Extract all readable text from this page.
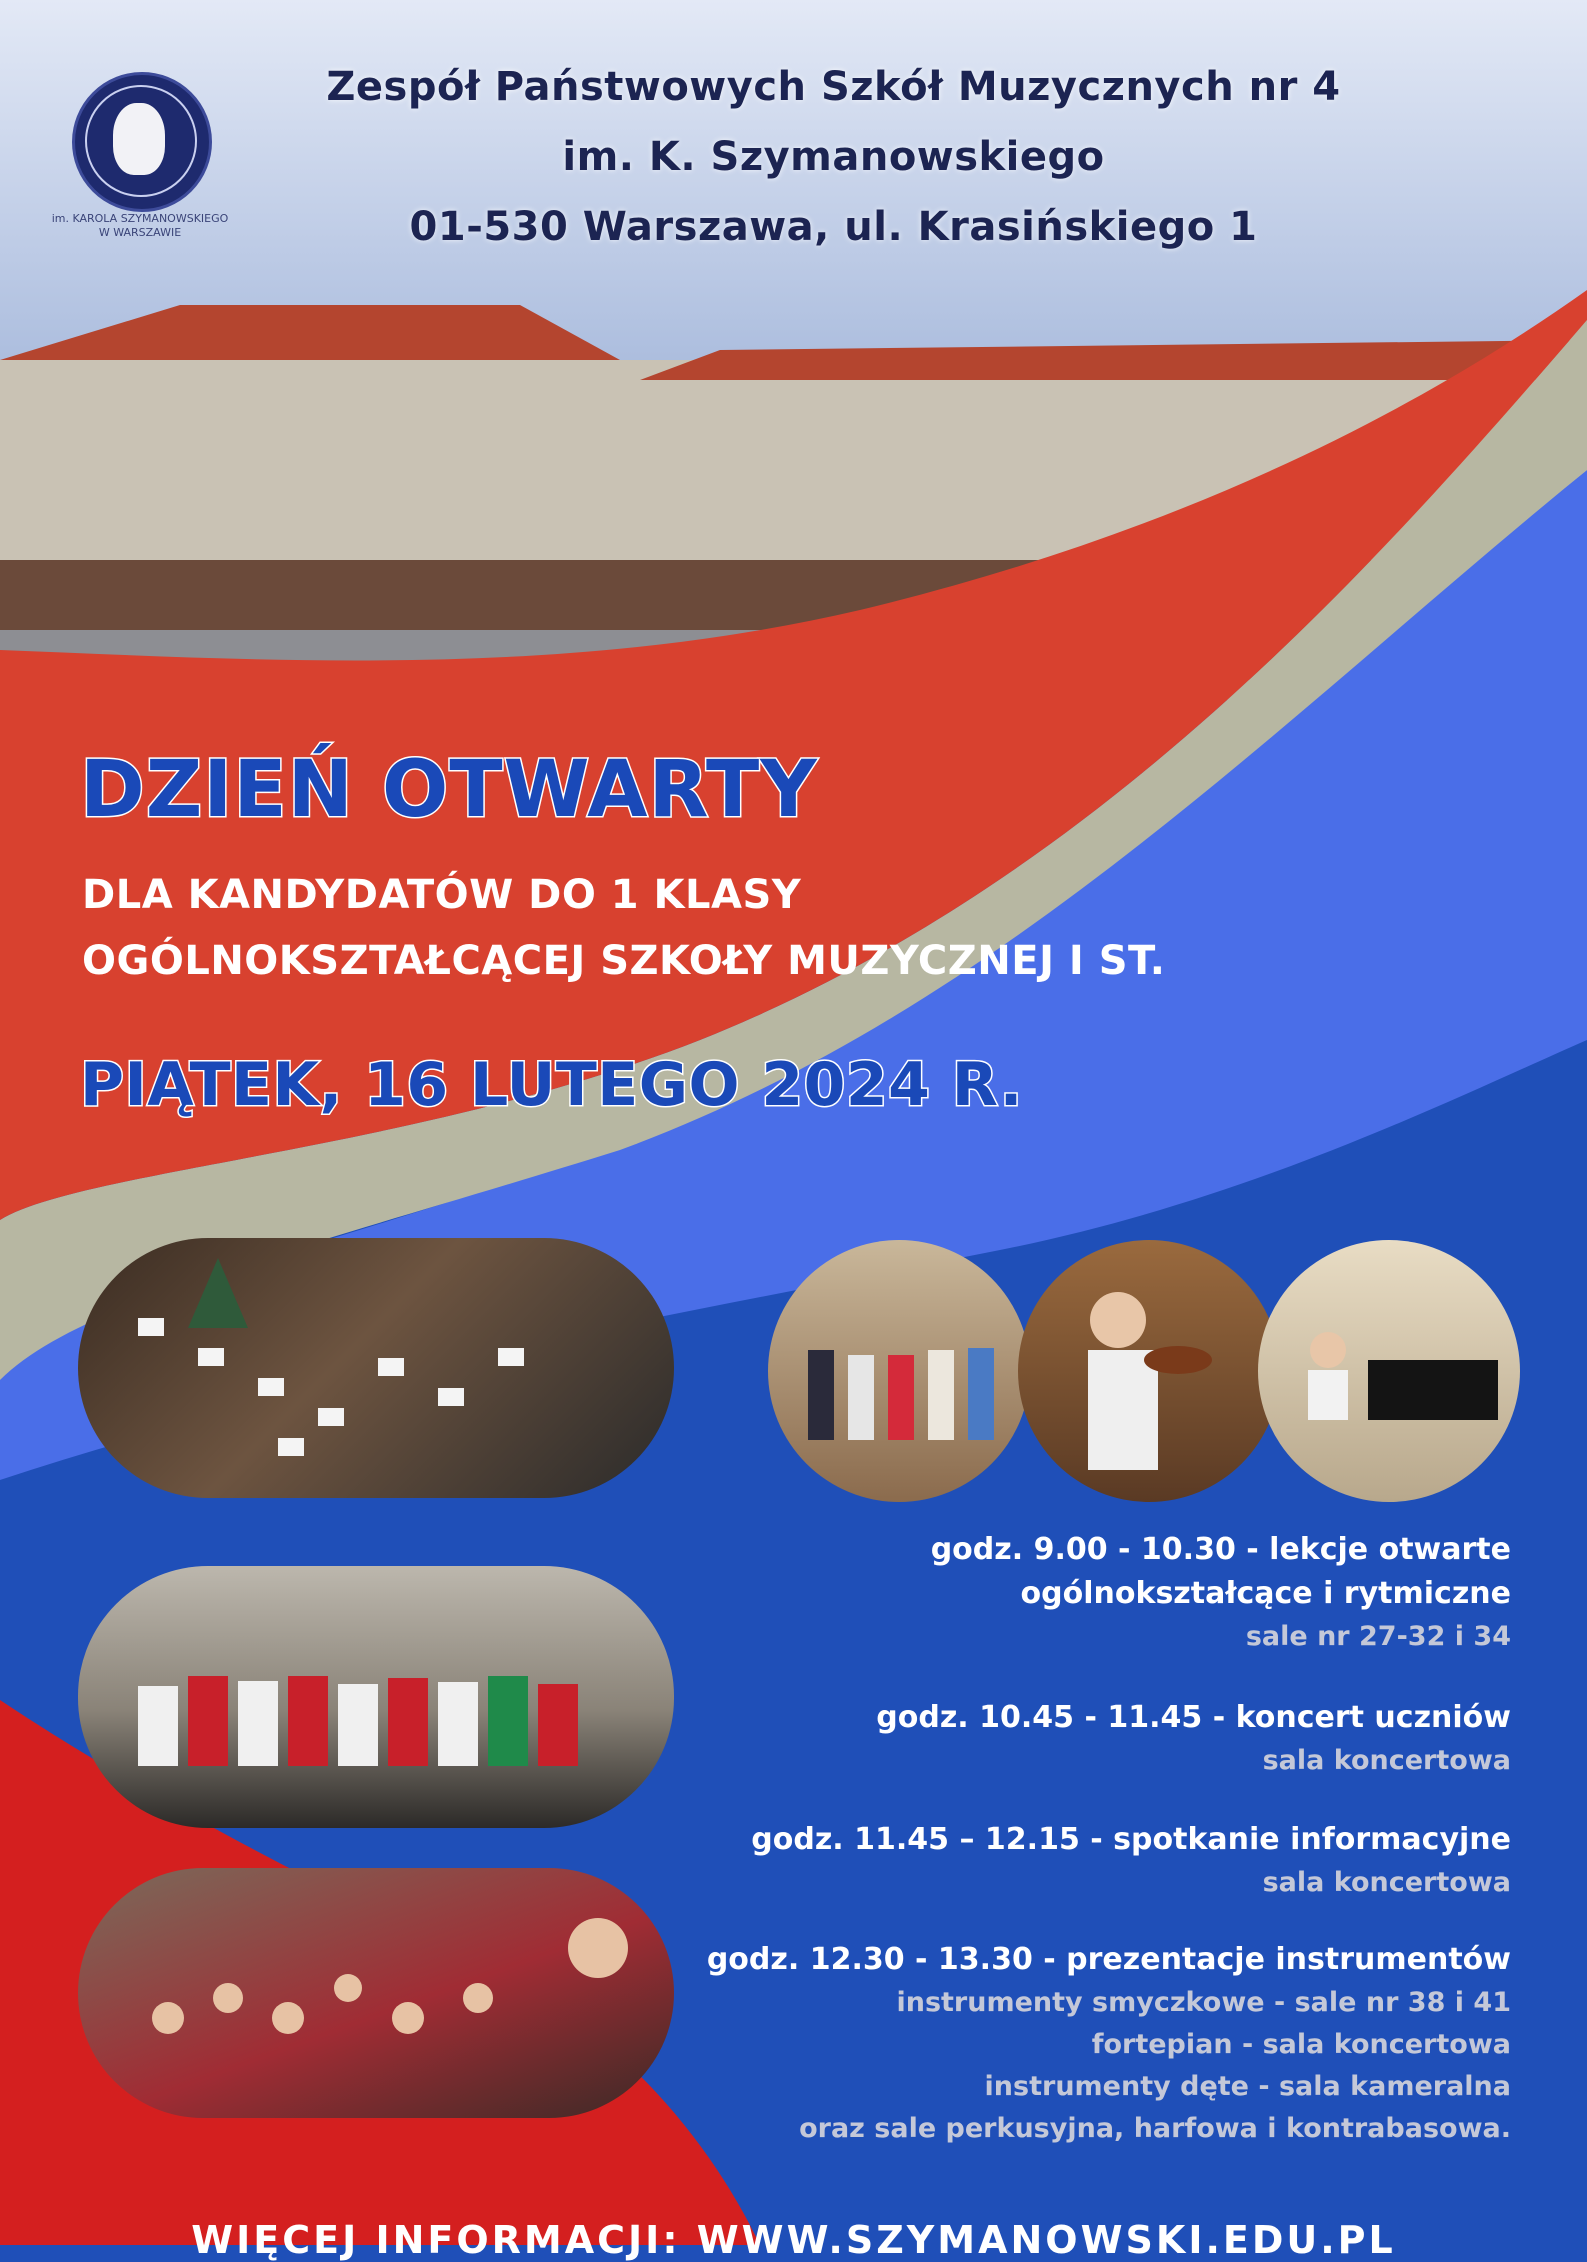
im. KAROLA SZYMANOWSKIEGO
W WARSZAWIE
Zespół Państwowych Szkół Muzycznych nr 4
im. K. Szymanowskiego
01-530 Warszawa, ul. Krasińskiego 1
DZIEŃ OTWARTY
DLA KANDYDATÓW DO 1 KLASY
OGÓLNOKSZTAŁCĄCEJ SZKOŁY MUZYCZNEJ I ST.
PIĄTEK, 16 LUTEGO 2024 R.
godz. 9.00 - 10.30 - lekcje otwarte
ogólnokształcące i rytmiczne
sale nr 27-32 i 34
godz. 10.45 - 11.45 - koncert uczniów
sala koncertowa
godz. 11.45 – 12.15 - spotkanie informacyjne
sala koncertowa
godz. 12.30 - 13.30 - prezentacje instrumentów
instrumenty smyczkowe - sale nr 38 i 41
fortepian - sala koncertowa
instrumenty dęte - sala kameralna
oraz sale perkusyjna, harfowa i kontrabasowa.
WIĘCEJ INFORMACJI: WWW.SZYMANOWSKI.EDU.PL
